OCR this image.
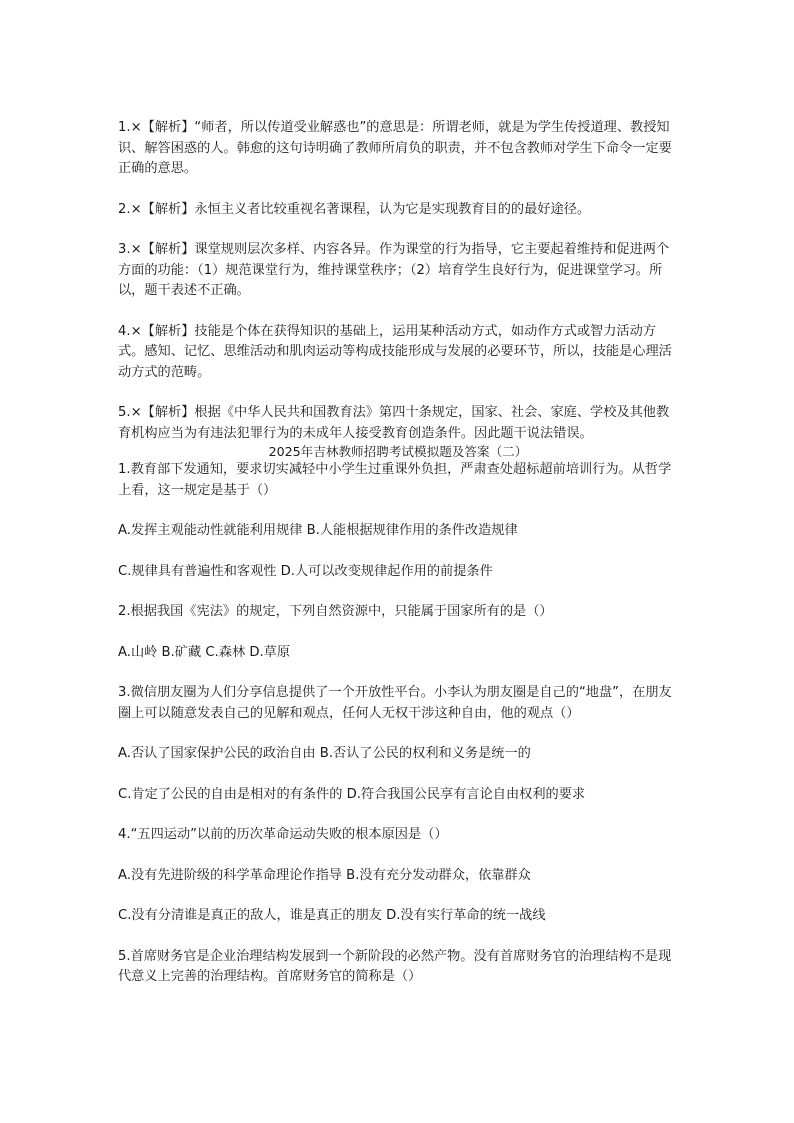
1.×【解析】“师者，所以传道受业解惑也”的意思是：所谓老师，就是为学生传授道理、教授知识、解答困惑的人。韩愈的这句诗明确了教师所肩负的职责，并不包含教师对学生下命令一定要正确的意思。

2.×【解析】永恒主义者比较重视名著课程，认为它是实现教育目的的最好途径。

3.×【解析】课堂规则层次多样、内容各异。作为课堂的行为指导，它主要起着维持和促进两个方面的功能：（1）规范课堂行为，维持课堂秩序；（2）培育学生良好行为，促进课堂学习。所以，题干表述不正确。

4.×【解析】技能是个体在获得知识的基础上，运用某种活动方式，如动作方式或智力活动方式。感知、记忆、思维活动和肌肉运动等构成技能形成与发展的必要环节，所以，技能是心理活动方式的范畴。

5.×【解析】根据《中华人民共和国教育法》第四十条规定，国家、社会、家庭、学校及其他教育机构应当为有违法犯罪行为的未成年人接受教育创造条件。因此题干说法错误。

2025年吉林教师招聘考试模拟题及答案（二）

1.教育部下发通知，要求切实减轻中小学生过重课外负担，严肃查处超标超前培训行为。从哲学上看，这一规定是基于（）

A.发挥主观能动性就能利用规律 B.人能根据规律作用的条件改造规律

C.规律具有普遍性和客观性 D.人可以改变规律起作用的前提条件

2.根据我国《宪法》的规定，下列自然资源中，只能属于国家所有的是（）

A.山岭 B.矿藏 C.森林 D.草原

3.微信朋友圈为人们分享信息提供了一个开放性平台。小李认为朋友圈是自己的“地盘”，在朋友圈上可以随意发表自己的见解和观点，任何人无权干涉这种自由，他的观点（）

A.否认了国家保护公民的政治自由 B.否认了公民的权利和义务是统一的

C.肯定了公民的自由是相对的有条件的 D.符合我国公民享有言论自由权利的要求

4.“五四运动”以前的历次革命运动失败的根本原因是（）

A.没有先进阶级的科学革命理论作指导 B.没有充分发动群众，依靠群众

C.没有分清谁是真正的敌人，谁是真正的朋友 D.没有实行革命的统一战线

5.首席财务官是企业治理结构发展到一个新阶段的必然产物。没有首席财务官的治理结构不是现代意义上完善的治理结构。首席财务官的简称是（）
